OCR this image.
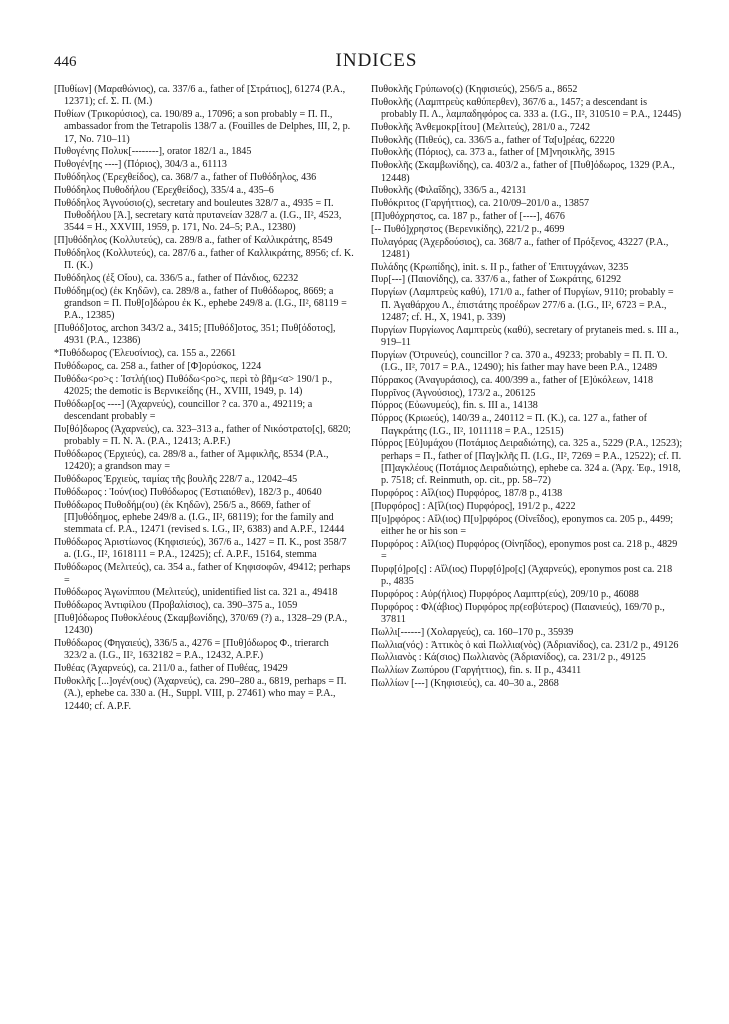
446	INDICES

[Πυθίων] (Μαραθώνιος), ca. 337/6 a., father of [Στράτιος], 61274 (P.A., 12371); cf. Σ. Π. (M.)

Πυθίων (Τρικορύσιος), ca. 190/89 a., 17096; a son probably = Π. Π., ambassador from the Tetrapolis 138/7 a. (Fouilles de Delphes, III, 2, p. 17, No. 710–11)

Πυθογένης Πολυκ[--------], orator 182/1 a., 1845

Πυθογέν[ης ----] (Πόριος), 304/3 a., 61113

Πυθόδηλος (Ἐρεχθείδος), ca. 368/7 a., father of Πυθόδηλος, 436

Πυθόδηλος Πυθοδήλου (Ἐρεχθείδος), 335/4 a., 435–6

Πυθόδηλος Ἀγνούσιο(ς), secretary and bouleutes 328/7 a., 4935 = Π. Πυθοδήλου [Ἀ.], secretary κατὰ πρυτανείαν 328/7 a. (I.G., II², 4523, 3544 = H., XXVIII, 1959, p. 171, No. 24–5; P.A., 12380)

[Π]υθόδηλος (Κολλυτεύς), ca. 289/8 a., father of Καλλικράτης, 8549

Πυθόδηλος (Κολλυτεύς), ca. 287/6 a., father of Καλλικράτης, 8956; cf. Κ. Π. (K.)

Πυθόδηλος (ἐξ Οἴου), ca. 336/5 a., father of Πάνδιος, 62232

Πυθόδημ(ος) (ἐκ Κηδῶν), ca. 289/8 a., father of Πυθόδωρος, 8669; a grandson = Π. Πυθ[ο]δώρου ἐκ Κ., ephebe 249/8 a. (I.G., II², 68119 = P.A., 12385)

[Πυθόδ]οτος, archon 343/2 a., 3415; [Πυθόδ]οτος, 351; Πυθ[όδοτος], 4931 (P.A., 12386)

*Πυθόδωρος (Ἐλευσίνιος), ca. 155 a., 22661

Πυθόδωρος, ca. 258 a., father of [Φ]ορύσκος, 1224

Πυθόδω<ρο>ς : Ἰστλή(ιος) Πυθόδω<ρο>ς, περὶ τὸ βῆμ<α> 190/1 p., 42025; the demotic is Βερνικείδης (H., XVIII, 1949, p. 14)

Πυθόδωρ[ος ----] (Ἀχαρνεύς), councillor ? ca. 370 a., 492119; a descendant probably =

Πυ[θό]δωρος (Ἀχαρνεύς), ca. 323–313 a., father of Νικόστρατο[ς], 6820; probably = Π. Ν. Ἀ. (P.A., 12413; A.P.F.)

Πυθόδωρος (Ἐρχιεύς), ca. 289/8 a., father of Ἀμφικλῆς, 8534 (P.A., 12420); a grandson may =

Πυθόδωρος Ἐρχιεὺς, ταμίας τῆς βουλῆς 228/7 a., 12042–45

Πυθόδωρος : Ἰούν(ιος) Πυθόδωρος (Ἑστιαιόθεν), 182/3 p., 40640

Πυθόδωρος Πυθοδήμ(ου) (ἐκ Κηδῶν), 256/5 a., 8669, father of [Π]υθόδημος, ephebe 249/8 a. (I.G., II², 68119); for the family and stemmata cf. P.A., 12471 (revised s. I.G., II², 6383) and A.P.F., 12444

Πυθόδωρος Ἀριστίωνος (Κηφισιεύς), 367/6 a., 1427 = Π. Κ., post 358/7 a. (I.G., II², 1618111 = P.A., 12425); cf. A.P.F., 15164, stemma

Πυθόδωρος (Μελιτεύς), ca. 354 a., father of Κηφισοφῶν, 49412; perhaps =

Πυθόδωρος Ἀγωνίππου (Μελιτεύς), unidentified list ca. 321 a., 49418

Πυθόδωρος Ἀντιφίλου (Προβαλίσιος), ca. 390–375 a., 1059

[Πυθ]όδωρος Πυθοκλέους (Σκαμβωνίδης), 370/69 (?) a., 1328–29 (P.A., 12430)

Πυθόδωρος (Φηγαιεύς), 336/5 a., 4276 = [Πυθ]όδωρος Φ., trierarch 323/2 a. (I.G., II², 1632182 = P.A., 12432, A.P.F.)

Πυθέας (Ἀχαρνεύς), ca. 211/0 a., father of Πυθέας, 19429

Πυθοκλῆς [...]ογέν(ους) (Ἀχαρνεύς), ca. 290–280 a., 6819, perhaps = Π. (Ἀ.), ephebe ca. 330 a. (H., Suppl. VIII, p. 27461) who may = P.A., 12440; cf. A.P.F.

Πυθοκλῆς Γρύπωνο(ς) (Κηφισιεύς), 256/5 a., 8652

Πυθοκλῆς (Λαμπτρεὺς καθύπερθεν), 367/6 a., 1457; a descendant is probably Π. Λ., λαμπαδηφόρος ca. 333 a. (I.G., II², 310510 = P.A., 12445)

Πυθοκλῆς Ἀνθεμοκρ[ίτου] (Μελιτεύς), 281/0 a., 7242

Πυθοκλῆς (Πιθεύς), ca. 336/5 a., father of Τα[υ]ρέας, 62220

Πυθοκλῆς (Πόριος), ca. 373 a., father of [Μ]νησικλῆς, 3915

Πυθοκλῆς (Σκαμβωνίδης), ca. 403/2 a., father of [Πυθ]όδωρος, 1329 (P.A., 12448)

Πυθοκλῆς (Φιλαΐδης), 336/5 a., 42131

Πυθόκριτος (Γαργήττιος), ca. 210/09–201/0 a., 13857

[Π]υθόχρηστος, ca. 187 p., father of [----], 4676

[-- Πυθό]χρηστος (Βερενικίδης), 221/2 p., 4699

Πυλαγόρας (Ἀχερδούσιος), ca. 368/7 a., father of Πρόξενος, 43227 (P.A., 12481)

Πυλάδης (Κρωπίδης), init. s. II p., father of Ἐπιτυγχάνων, 3235

Πυρ[---] (Παιονίδης), ca. 337/6 a., father of Σωκράτης, 61292

Πυργίων (Λαμπτρεὺς καθύ), 171/0 a., father of Πυργίων, 9110; probably = Π. Ἀγαθάρχου Λ., ἐπιστάτης προέδρων 277/6 a. (I.G., II², 6723 = P.A., 12487; cf. H., X, 1941, p. 339)

Πυργίων Πυργίωνος Λαμπτρεὺς (καθύ), secretary of prytaneis med. s. III a., 919–11

Πυργίων (Ὀτρυνεύς), councillor ? ca. 370 a., 49233; probably = Π. Π. Ὀ. (I.G., II², 7017 = P.A., 12490); his father may have been P.A., 12489

Πύρρακος (Ἀναγυράσιος), ca. 400/399 a., father of [Ε]ὐκόλεων, 1418

Πυρρῖνος (Ἀγνούσιος), 173/2 a., 206125

Πύρρος (Εὐωνυμεύς), fin. s. III a., 14138

Πύρρος (Κριωεύς), 140/39 a., 240112 = Π. (K.), ca. 127 a., father of Παγκράτης (I.G., II², 1011118 = P.A., 12515)

Πύρρος [Εὐ]υμάχου (Ποτάμιος Δειραδιώτης), ca. 325 a., 5229 (P.A., 12523); perhaps = Π., father of [Παγ]κλῆς Π. (I.G., II², 7269 = P.A., 12522); cf. Π. [Π]αγκλέους (Ποτάμιος Δειραδιώτης), ephebe ca. 324 a. (Ἀρχ. Ἐφ., 1918, p. 7518; cf. Reinmuth, op. cit., pp. 58–72)

Πυρφόρος : Αἴλ(ιος) Πυρφόρος, 187/8 p., 4138

[Πυρφόρος] : Α[ἴλ(ιος) Πυρφόρος], 191/2 p., 4222

Π[υ]ρφόρος : Αἴλ(ιος) Π[υ]ρφόρος (Οἰνεΐδος), eponymos ca. 205 p., 4499; either he or his son =

Πυρφόρος : Αἴλ(ιος) Πυρφόρος (Οἰνηΐδος), eponymos post ca. 218 p., 4829 =

Πυρφ[ό]ρο[ς] : Αἴλ(ιος) Πυρφ[ό]ρο[ς] (Ἀχαρνεύς), eponymos post ca. 218 p., 4835

Πυρφόρος : Αὐρ(ήλιος) Πυρφόρος Λαμπτρ(εύς), 209/10 p., 46088

Πυρφόρος : Φλ(άβιος) Πυρφόρος πρ(εσβύτερος) (Παιανιεύς), 169/70 p., 37811

Πωλλι[------] (Χολαργεύς), ca. 160–170 p., 35939

Πωλλια(νός) : Ἀττικὸς ὁ καὶ Πωλλια(νὸς) (Ἀδριανίδος), ca. 231/2 p., 49126

Πωλλιανὸς : Κά(σιος) Πωλλιανὸς (Ἀδριανίδος), ca. 231/2 p., 49125

Πωλλίων Ζωπύρου (Γαργήττιος), fin. s. II p., 43411

Πωλλίων [---] (Κηφισιεύς), ca. 40–30 a., 2868
